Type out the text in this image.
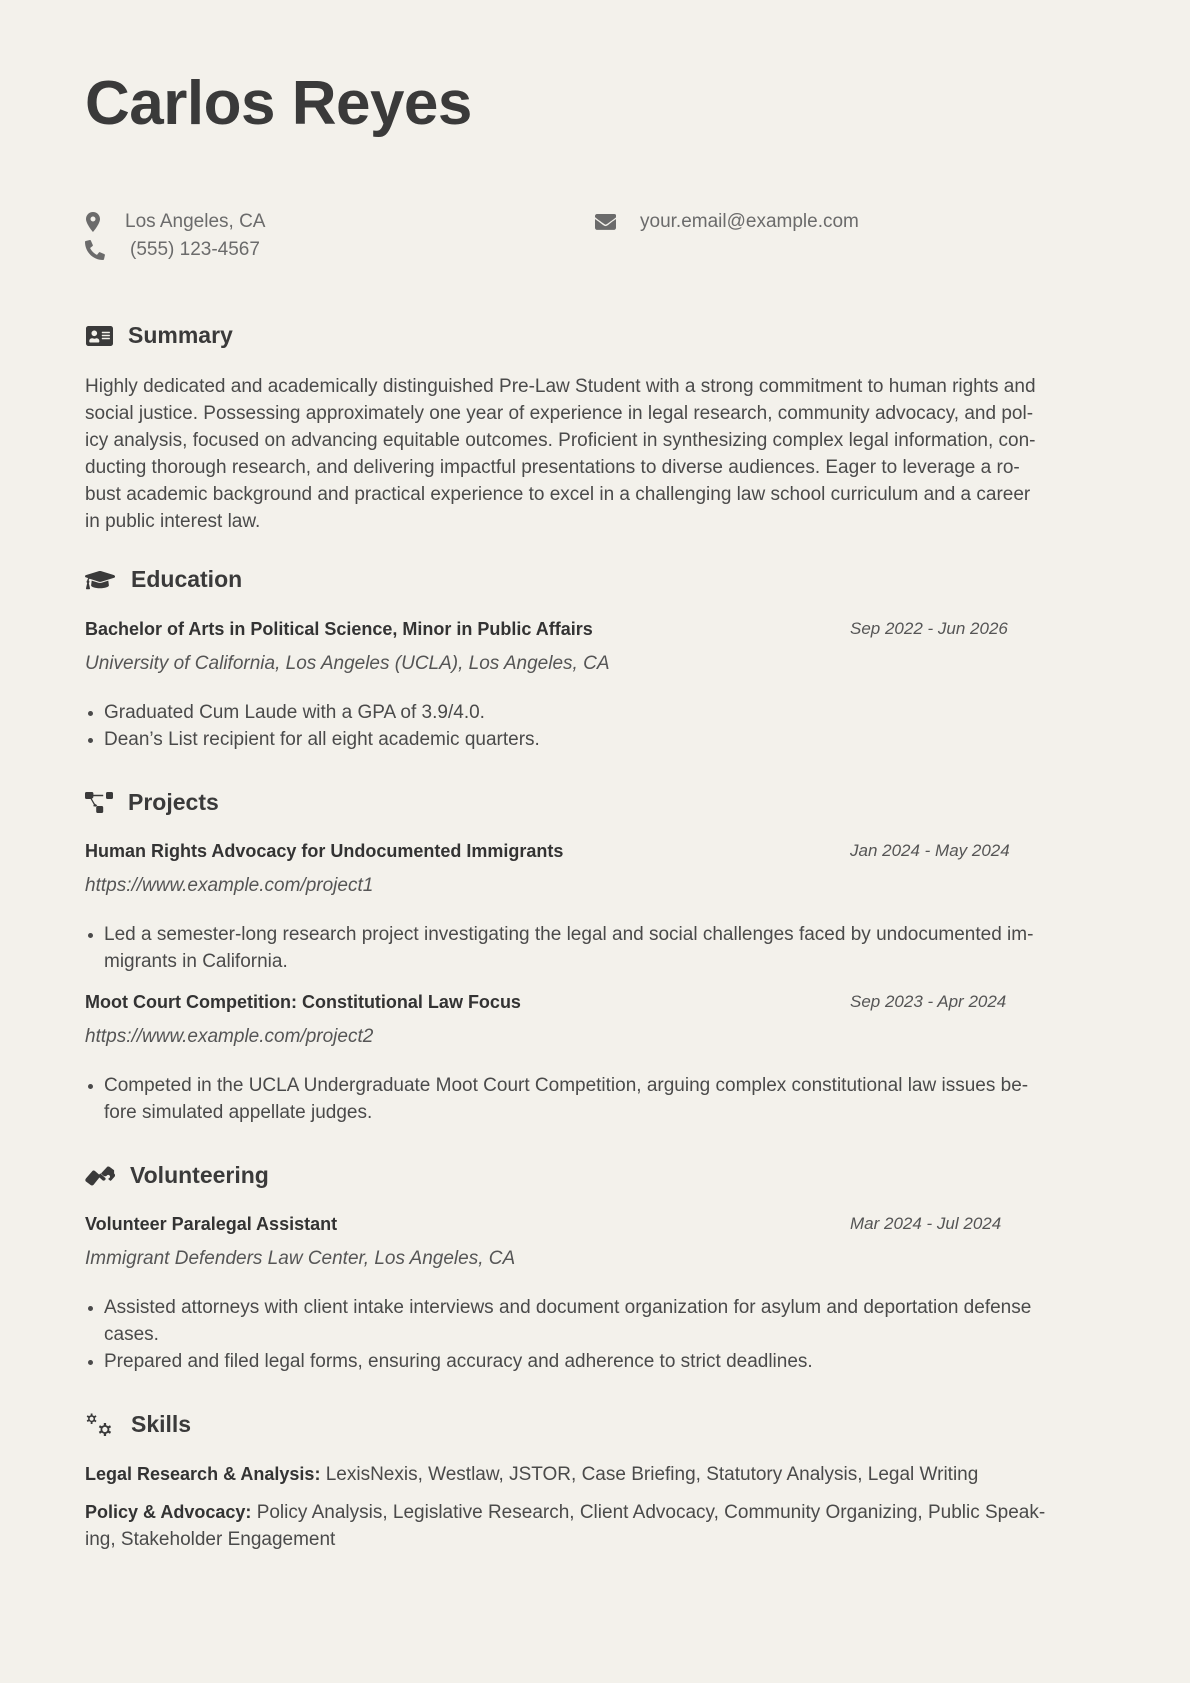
Carlos Reyes
Los Angeles, CA
(555) 123-4567
your.email@example.com
Summary
Highly dedicated and academically distinguished Pre-Law Student with a strong commitment to human rights and
social justice. Possessing approximately one year of experience in legal research, community advocacy, and pol-
icy analysis, focused on advancing equitable outcomes. Proficient in synthesizing complex legal information, con-
ducting thorough research, and delivering impactful presentations to diverse audiences. Eager to leverage a ro-
bust academic background and practical experience to excel in a challenging law school curriculum and a career
in public interest law.
Education
Bachelor of Arts in Political Science, Minor in Public Affairs	Sep 2022 - Jun 2026
University of California, Los Angeles (UCLA), Los Angeles, CA
Graduated Cum Laude with a GPA of 3.9/4.0.
Dean’s List recipient for all eight academic quarters.
Projects
Human Rights Advocacy for Undocumented Immigrants	Jan 2024 - May 2024
https://www.example.com/project1
Led a semester-long research project investigating the legal and social challenges faced by undocumented im-
migrants in California.
Moot Court Competition: Constitutional Law Focus	Sep 2023 - Apr 2024
https://www.example.com/project2
Competed in the UCLA Undergraduate Moot Court Competition, arguing complex constitutional law issues be-
fore simulated appellate judges.
Volunteering
Volunteer Paralegal Assistant	Mar 2024 - Jul 2024
Immigrant Defenders Law Center, Los Angeles, CA
Assisted attorneys with client intake interviews and document organization for asylum and deportation defense
cases.
Prepared and filed legal forms, ensuring accuracy and adherence to strict deadlines.
Skills

Legal Research & Analysis: LexisNexis, Westlaw, JSTOR, Case Briefing, Statutory Analysis, Legal Writing

Policy & Advocacy: Policy Analysis, Legislative Research, Client Advocacy, Community Organizing, Public Speak-
ing, Stakeholder Engagement
